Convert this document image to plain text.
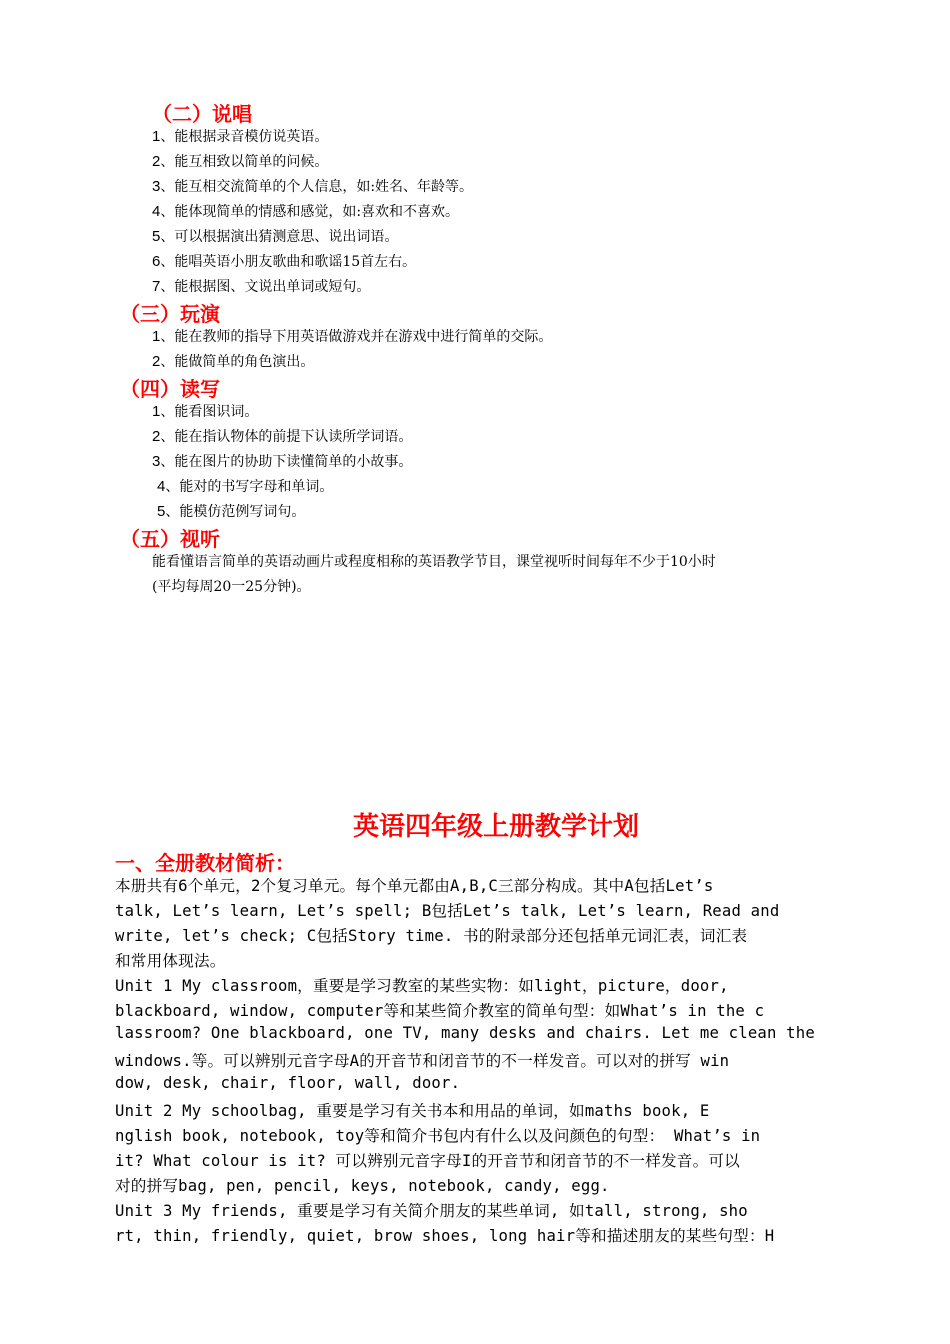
（二）说唱
1、能根据录音模仿说英语。
2、能互相致以简单的问候。
3、能互相交流简单的个人信息，如:姓名、年龄等。
4、能体现简单的情感和感觉，如:喜欢和不喜欢。
5、可以根据演出猜测意思、说出词语。
6、能唱英语小朋友歌曲和歌谣15首左右。
7、能根据图、文说出单词或短句。
（三）玩演
1、能在教师的指导下用英语做游戏并在游戏中进行简单的交际。
2、能做简单的角色演出。
（四）读写
1、能看图识词。
2、能在指认物体的前提下认读所学词语。
3、能在图片的协助下读懂简单的小故事。
4、能对的书写字母和单词。
5、能模仿范例写词句。
（五）视听
能看懂语言简单的英语动画片或程度相称的英语教学节目，课堂视听时间每年不少于10小时
(平均每周20一25分钟)。
英语四年级上册教学计划
一、全册教材简析：
本册共有6个单元，2个复习单元。每个单元都由A,B,C三部分构成。其中A包括Let’s
talk, Let’s learn, Let’s spell; B包括Let’s talk, Let’s learn, Read and
write, let’s check; C包括Story time. 书的附录部分还包括单元词汇表，词汇表
和常用体现法。
Unit 1 My classroom，重要是学习教室的某些实物：如light，picture，door,
blackboard, window, computer等和某些简介教室的简单句型：如What’s in the c
lassroom? One blackboard, one TV, many desks and chairs. Let me clean the
windows.等。可以辨别元音字母A的开音节和闭音节的不一样发音。可以对的拼写 win
dow, desk, chair, floor, wall, door.
Unit 2 My schoolbag, 重要是学习有关书本和用品的单词，如maths book, E
nglish book, notebook, toy等和简介书包内有什么以及问颜色的句型： What’s in
it? What colour is it? 可以辨别元音字母I的开音节和闭音节的不一样发音。可以
对的拼写bag, pen, pencil, keys, notebook, candy, egg.
Unit 3 My friends, 重要是学习有关简介朋友的某些单词, 如tall, strong, sho
rt, thin, friendly, quiet, brow shoes, long hair等和描述朋友的某些句型：H
